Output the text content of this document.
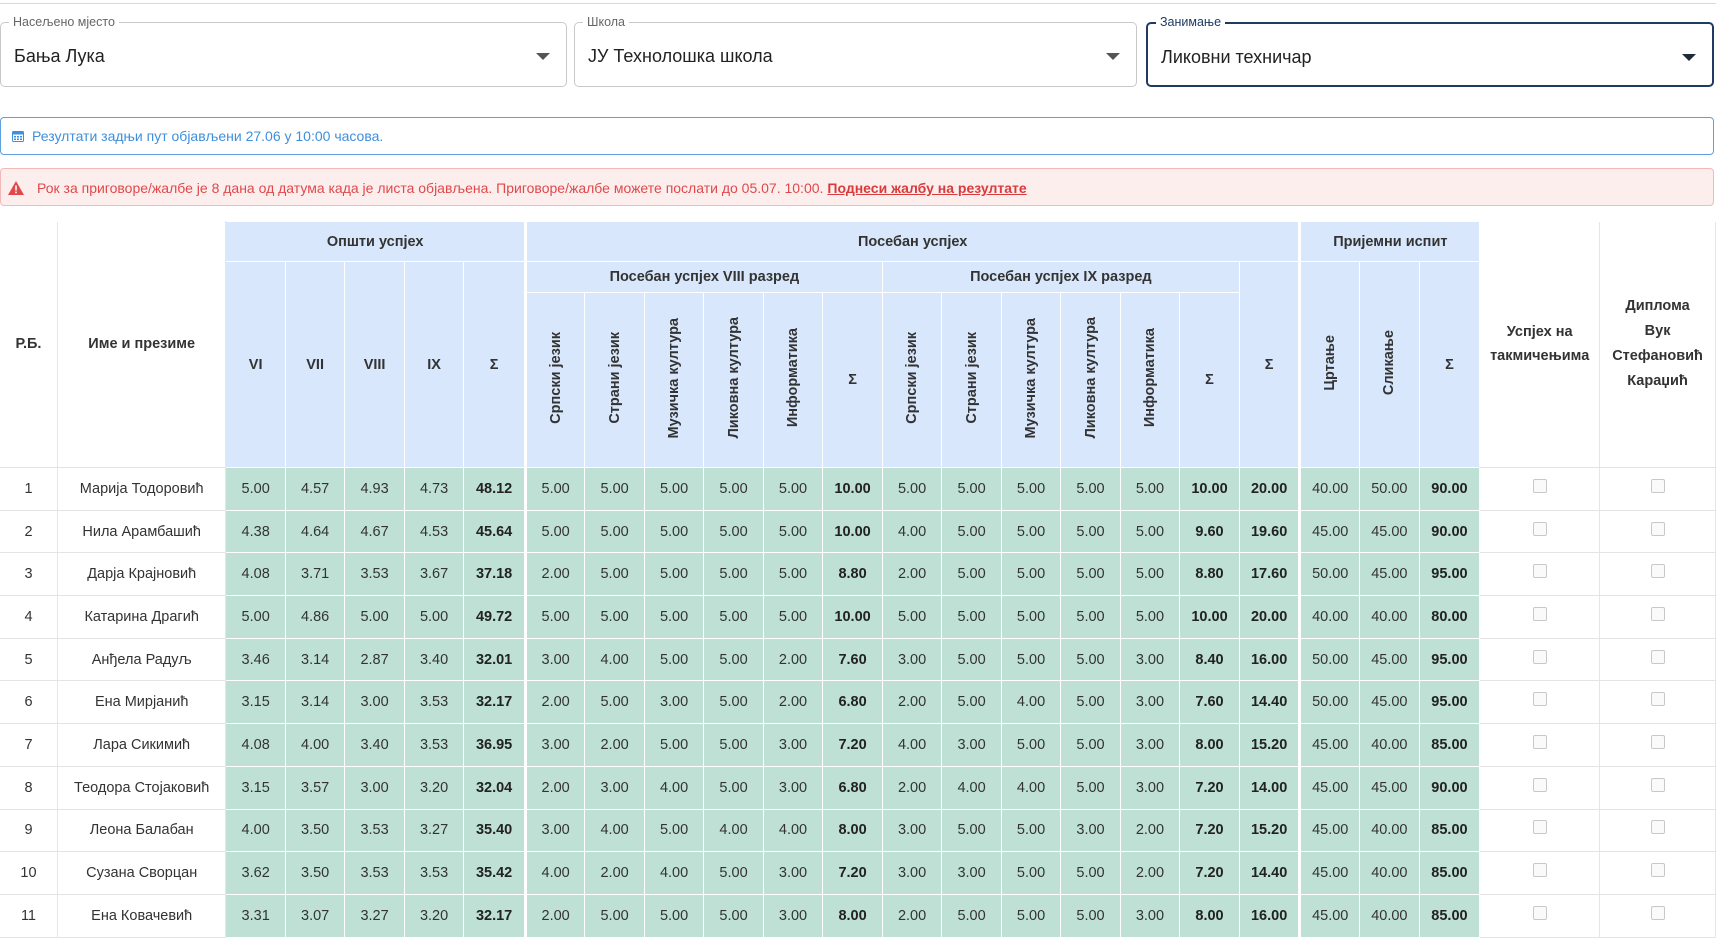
Насељено мјесто
Бања Лука
Школа
ЈУ Технолошка школа
Занимање
Ликовни техничар
Резултати задњи пут објављени 27.06 у 10:00 часова.
Рок за приговоре/жалбе је 8 дана од датума када је листа објављена. Приговоре/жалбе можете послати до 05.07. 10:00. Поднеси жалбу на резултате
Р.Б.	Име и презиме	Општи успјех					Посебан успјех													Пријемни испит			Успјех на такмичењима	Диплома Вук Стефановић Караџић
		VI	VII	VIII	IX	Σ	Посебан успјех VIII разред						Посебан успјех IX разред						Σ	Цртање	Сликање	Σ		
							Српски језик	Страни језик	Музичка култура	Ликовна култура	Информатика	Σ	Српски језик	Страни језик	Музичка култура	Ликовна култура	Информатика	Σ						
1	Марија Тодоровић	5.00	4.57	4.93	4.73	48.12	5.00	5.00	5.00	5.00	5.00	10.00	5.00	5.00	5.00	5.00	5.00	10.00	20.00	40.00	50.00	90.00		
2	Нила Арамбашић	4.38	4.64	4.67	4.53	45.64	5.00	5.00	5.00	5.00	5.00	10.00	4.00	5.00	5.00	5.00	5.00	9.60	19.60	45.00	45.00	90.00		
3	Дарја Крајновић	4.08	3.71	3.53	3.67	37.18	2.00	5.00	5.00	5.00	5.00	8.80	2.00	5.00	5.00	5.00	5.00	8.80	17.60	50.00	45.00	95.00		
4	Катарина Драгић	5.00	4.86	5.00	5.00	49.72	5.00	5.00	5.00	5.00	5.00	10.00	5.00	5.00	5.00	5.00	5.00	10.00	20.00	40.00	40.00	80.00		
5	Анђела Радуљ	3.46	3.14	2.87	3.40	32.01	3.00	4.00	5.00	5.00	2.00	7.60	3.00	5.00	5.00	5.00	3.00	8.40	16.00	50.00	45.00	95.00		
6	Ена Мирјанић	3.15	3.14	3.00	3.53	32.17	2.00	5.00	3.00	5.00	2.00	6.80	2.00	5.00	4.00	5.00	3.00	7.60	14.40	50.00	45.00	95.00		
7	Лара Сикимић	4.08	4.00	3.40	3.53	36.95	3.00	2.00	5.00	5.00	3.00	7.20	4.00	3.00	5.00	5.00	3.00	8.00	15.20	45.00	40.00	85.00		
8	Теодора Стојаковић	3.15	3.57	3.00	3.20	32.04	2.00	3.00	4.00	5.00	3.00	6.80	2.00	4.00	4.00	5.00	3.00	7.20	14.00	45.00	45.00	90.00		
9	Леона Балабан	4.00	3.50	3.53	3.27	35.40	3.00	4.00	5.00	4.00	4.00	8.00	3.00	5.00	5.00	3.00	2.00	7.20	15.20	45.00	40.00	85.00		
10	Сузана Сворцан	3.62	3.50	3.53	3.53	35.42	4.00	2.00	4.00	5.00	3.00	7.20	3.00	3.00	5.00	5.00	2.00	7.20	14.40	45.00	40.00	85.00		
11	Ена Ковачевић	3.31	3.07	3.27	3.20	32.17	2.00	5.00	5.00	5.00	3.00	8.00	2.00	5.00	5.00	5.00	3.00	8.00	16.00	45.00	40.00	85.00		
